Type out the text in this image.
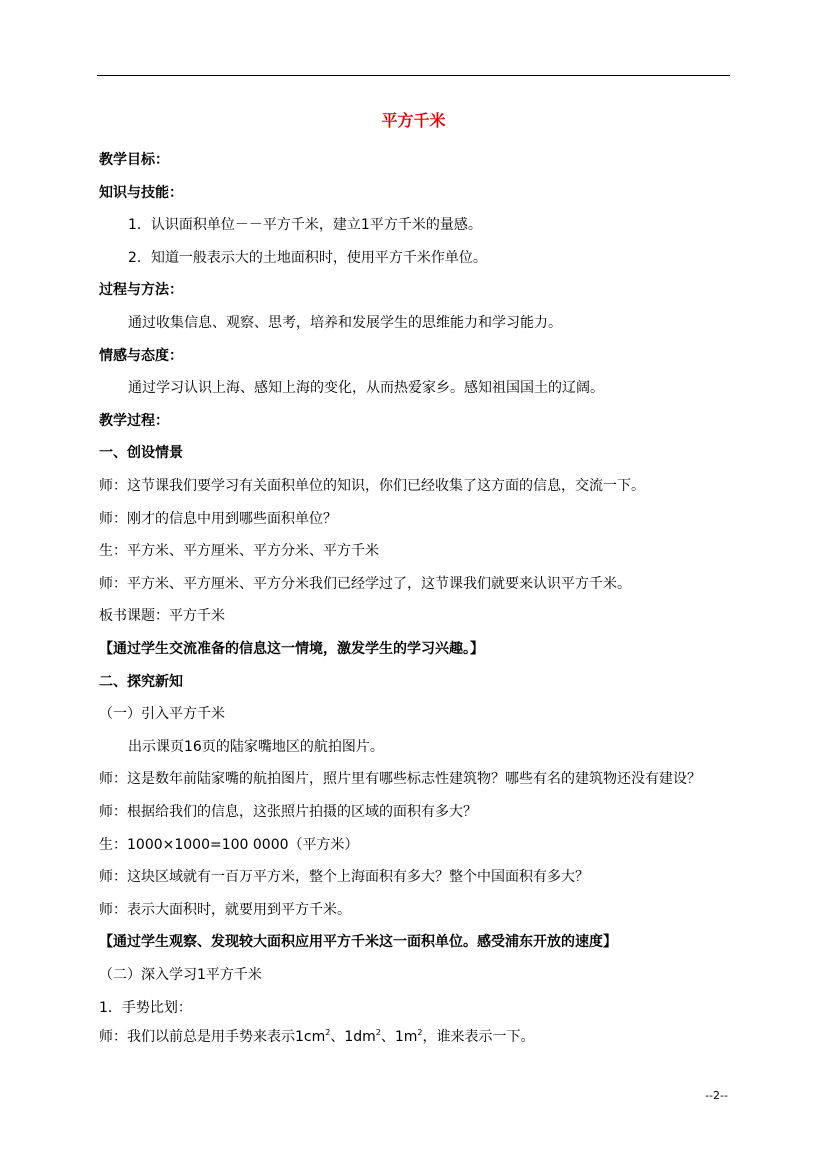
平方千米
教学目标：
知识与技能：
1．认识面积单位－－平方千米，建立1平方千米的量感。
2．知道一般表示大的土地面积时，使用平方千米作单位。
过程与方法：
通过收集信息、观察、思考，培养和发展学生的思维能力和学习能力。
情感与态度：
通过学习认识上海、感知上海的变化，从而热爱家乡。感知祖国国土的辽阔。
教学过程：
一、创设情景
师：这节课我们要学习有关面积单位的知识，你们已经收集了这方面的信息，交流一下。
师：刚才的信息中用到哪些面积单位？
生：平方米、平方厘米、平方分米、平方千米
师：平方米、平方厘米、平方分米我们已经学过了，这节课我们就要来认识平方千米。
板书课题：平方千米
【通过学生交流准备的信息这一情境，激发学生的学习兴趣。】
二、探究新知
（一）引入平方千米
出示课页16页的陆家嘴地区的航拍图片。
师：这是数年前陆家嘴的航拍图片，照片里有哪些标志性建筑物？哪些有名的建筑物还没有建设？
师：根据给我们的信息，这张照片拍摄的区域的面积有多大？
生：1000×1000=100 0000（平方米）
师：这块区域就有一百万平方米，整个上海面积有多大？整个中国面积有多大？
师：表示大面积时，就要用到平方千米。
【通过学生观察、发现较大面积应用平方千米这一面积单位。感受浦东开放的速度】
（二）深入学习1平方千米
1．手势比划：
师：我们以前总是用手势来表示$1cm^2$、$1dm^2$、$1m^2$，谁来表示一下。
--2--
